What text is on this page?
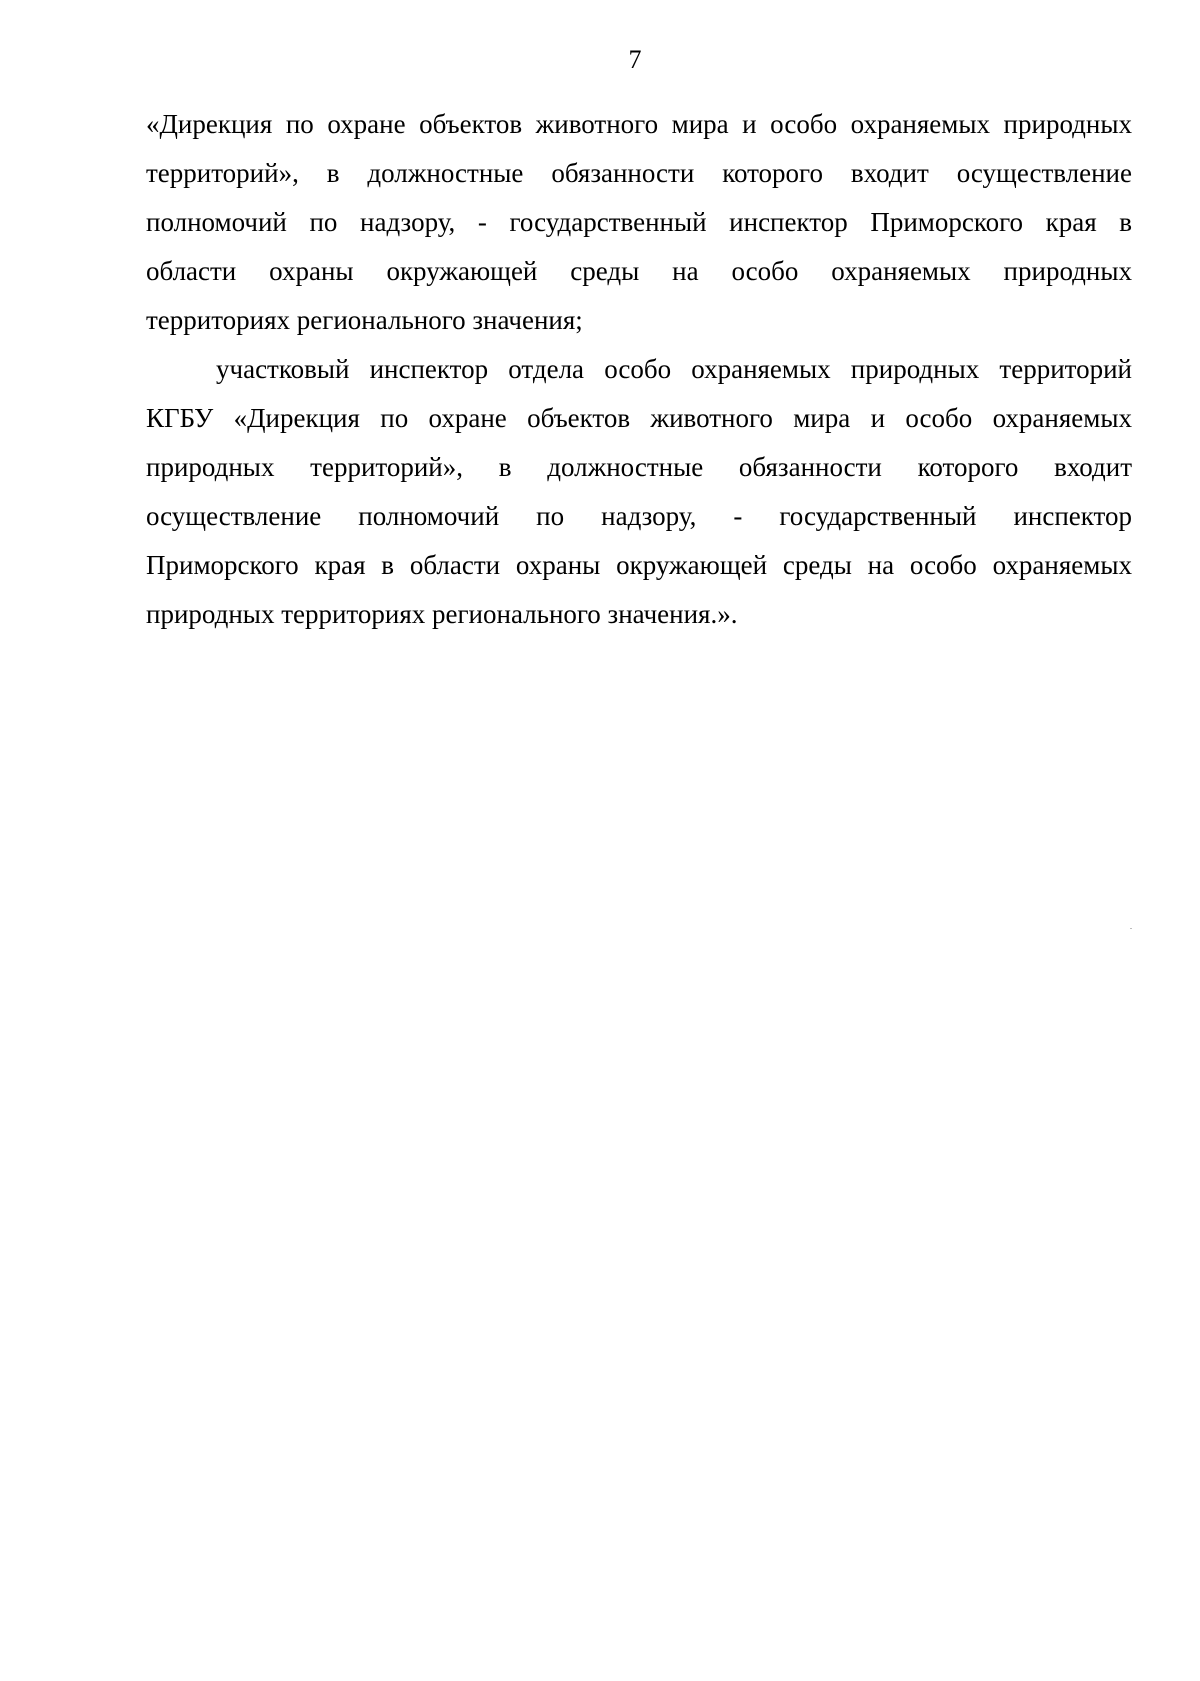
7

«Дирекция по охране объектов животного мира и особо охраняемых природных
территорий», в должностные обязанности которого входит осуществление
полномочий по надзору, - государственный инспектор Приморского края в
области охраны окружающей среды на особо охраняемых природных
территориях регионального значения;

участковый инспектор отдела особо охраняемых природных территорий
КГБУ «Дирекция по охране объектов животного мира и особо охраняемых
природных территорий», в должностные обязанности которого входит
осуществление полномочий по надзору, - государственный инспектор
Приморского края в области охраны окружающей среды на особо охраняемых
природных территориях регионального значения.».
